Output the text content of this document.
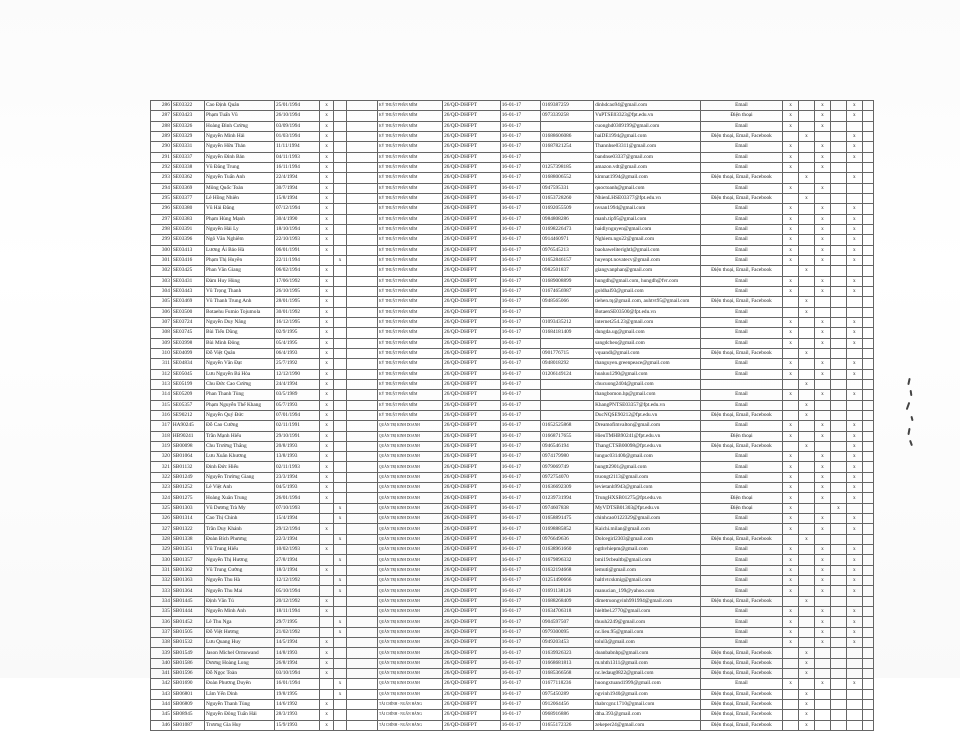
286	SE03322	Cao Định Quân	25/01/1994	x			KỸ THUẬT PHẦN MỀM	26/QD-DHFPT	16-01-17	0169387259	dinhdcao94@gmail.com	Email	x		x		x	
287	SE03423	Phạm Tuấn Vũ	26/10/1994	x			KỸ THUẬT PHẦN MỀM	26/QD-DHFPT	16-01-17	0973339258	VuPTSE03323@fpt.edu.vn	Điện thoại	x		x		x	
288	SE03326	Hoàng Đình Cường	03/09/1994	x			KỸ THUẬT PHẦN MỀM	26/QD-DHFPT	16-01-17		cuonghd0309199@gmail.com	Email	x		x			
289	SE03329	Nguyễn Minh Hải	01/03/1994	x			KỸ THUẬT PHẦN MỀM	26/QD-DHFPT	16-01-17	01688606086	haiDE1994@gmail.com	Điện thoại, Email, Facebook		x			x	
290	SE03331	Nguyễn Hữu Thản	11/11/1994	x			KỸ THUẬT PHẦN MỀM	26/QD-DHFPT	16-01-17	01687821254	Thannhse03311@gmail.com	Email	x		x		x	
291	SE03337	Nguyễn Đình Bản	04/11/1993	x			KỸ THUẬT PHẦN MỀM	26/QD-DHFPT	16-01-17		bandnse03337@gmail.com	Email	x		x		x	
292	SE03338	Vũ Đăng Trung	16/11/1994	x			KỸ THUẬT PHẦN MỀM	26/QD-DHFPT	16-01-17	01257398185	amazon.vdt@gmail.com	Email	x		x			
293	SE03362	Nguyễn Tuấn Anh	22/4/1994	x			KỸ THUẬT PHẦN MỀM	26/QD-DHFPT	16-01-17	01688006552	kimnat1994@gmail.com	Điện thoại, Email, Facebook		x			x	
294	SE03369	Mông Quốc Toàn	30/7/1994	x			KỸ THUẬT PHẦN MỀM	26/QD-DHFPT	16-01-17	0947595331	quoctoanh@gmail.com	Email	x		x			
295	SE03377	Lê Hồng Nhiên	15/8/1994	x			KỸ THUẬT PHẦN MỀM	26/QD-DHFPT	16-01-17	01653728260	NhienLHSE03377@fpt.edu.vn	Điện thoại, Email, Facebook		x				
296	SE03380	Vũ Hải Đăng	07/12/1994	x			KỸ THUẬT PHẦN MỀM	26/QD-DHFPT	16-01-17	01692055509	nvsan1994@gmail.com	Email	x		x		x	
297	SE03383	Phạm Hùng Mạnh	30/4/1990	x			KỸ THUẬT PHẦN MỀM	26/QD-DHFPT	16-01-17	0984808286	manh.tip95@gmail.com	Email	x		x		x	
298	SE03391	Nguyễn Hải Ly	18/10/1994	x			KỸ THUẬT PHẦN MỀM	26/QD-DHFPT	16-01-17	01698226473	haidlynguyen@gmail.com	Email	x		x		x	
299	SE03396	Ngô Văn Nghiêm	22/10/1993	x			KỸ THUẬT PHẦN MỀM	26/QD-DHFPT	16-01-17	0914460971	Nghiem.ngo22@gmail.com	Email	x		x		x	
300	SE03413	Lương Ái Bảo Hà	06/01/1991	x			KỸ THUẬT PHẦN MỀM	26/QD-DHFPT	16-01-17	0976545213	baohaweliterightl@gmail.com	Email	x		x		x	
301	SE03416	Phạm Thị Huyền	22/11/1994		x		KỸ THUẬT PHẦN MỀM	26/QD-DHFPT	16-01-17	01652846157	huyenpt.novatecv@gmail.com	Email	x		x		x	
302	SE03425	Phan Văn Giang	06/02/1994	x			KỸ THUẬT PHẦN MỀM	26/QD-DHFPT	16-01-17	0982501837	giangvanphan@gmail.com	Điện thoại, Email, Facebook		x				
303	SE03431	Đàm Huy Hùng	17/06/1992	x			KỸ THUẬT PHẦN MỀM	26/QD-DHFPT	16-01-17	01689008899	hungdh@gmail.com, hungdh@fvr.com	Email	x		x		x	
304	SE03443	Vũ Trọng Thanh	26/10/1995	x			KỸ THUẬT PHẦN MỀM	26/QD-DHFPT	16-01-17	01674656987	goldhal93@gmail.com	Email	x		x		x	
305	SE03469	Vũ Thanh Trung Anh	28/01/1995	x			KỸ THUẬT PHẦN MỀM	26/QD-DHFPT	16-01-17	0948565066	tiehen.tq@gmail.com, auhtvt95@gmail.com	Điện thoại, Email, Facebook		x				
306	SE03500	Botaehu Fumio Tojumola	30/01/1992	x			KỸ THUẬT PHẦN MỀM	26/QD-DHFPT	16-01-17		BotaenSE03500@fpt.edu.vn	Email		x				
307	SE03724	Nguyễn Duy Nâng	16/12/1995	x			KỸ THUẬT PHẦN MỀM	26/QD-DHFPT	16-01-17	01093435212	internet254.23@gmail.com	Email	x		x		x	
308	SE03745	Bùi Tiến Dũng	02/9/1995	x			KỸ THUẬT PHẦN MỀM	26/QD-DHFPT	16-01-17	01684181409	dungda.ug@gmail.com	Email	x		x		x	
309	SE03998	Bùi Minh Đông	05/4/1995	x			KỸ THUẬT PHẦN MỀM	26/QD-DHFPT	16-01-17		sangdcheo@gmail.com	Email	x		x		x	
310	SE04099	Đỗ Việt Quân	06/4/1993	x			KỸ THUẬT PHẦN MỀM	26/QD-DHFPT	16-01-17	0901776715	vquandl@gmail.com	Điện thoại, Email, Facebook		x				
311	SE04834	Nguyễn Văn Đạt	25/7/1992	x			KỸ THUẬT PHẦN MỀM	26/QD-DHFPT	16-01-17	0948018292	thanguyen.greenpeace@gmail.com	Email	x		x		x	
312	SE05045	Lưu Nguyễn Bá Hòa	12/12/1990	x			KỸ THUẬT PHẦN MỀM	26/QD-DHFPT	16-01-17	01206149124	hoaluu1290@gmail.com	Email	x		x		x	
313	SE05199	Chu Đức Cao Cường	24/4/1994	x			KỸ THUẬT PHẦN MỀM	26/QD-DHFPT	16-01-17		chucuong2404@gmail.com			x				
314	SE05209	Phan Thanh Tùng	03/5/1989	x			KỸ THUẬT PHẦN MỀM	26/QD-DHFPT	16-01-17		thangbomon.hp@gmail.com	Email	x		x		x	
315	SE05357	Phạm Nguyễn Thế Khang	05/7/1993	x			KỸ THUẬT PHẦN MỀM	26/QD-DHFPT	16-01-17		KhangPNTSE03357@fpt.edu.vn	Email		x				
316	SE90212	Nguyễn Quý Đức	07/01/1994	x			KỸ THUẬT PHẦN MỀM	26/QD-DHFPT	16-01-17		DucNQSE90212@fpt.edu.vn	Điện thoại, Email, Facebook		x				
317	HA90245	Đỗ Cao Cường	02/11/1991	x			QUẢN TRỊ KINH DOANH	26/QD-DHFPT	16-01-17	01652525868	Dreamofimvalton@gmail.com	Email	x		x		x	
318	HB90241	Trần Mạnh Hiếu	29/10/1991	x			QUẢN TRỊ KINH DOANH	26/QD-DHFPT	16-01-17	01668717655	HieuTMHB90241@fpt.edu.vn	Điện thoại	x		x		x	
319	SB00098	Chu Trường Thắng	20/8/1993	x			QUẢN TRỊ KINH DOANH	26/QD-DHFPT	16-01-17	0946546194	ThangCTSB00098@fpt.edu.vn	Điện thoại, Email, Facebook		x			x	
320	SB01064	Lưu Xuân Khương	13/8/1993	x			QUẢN TRỊ KINH DOANH	26/QD-DHFPT	16-01-17	0974179980	lunguc031400@gmail.com	Email	x		x		x	
321	SB01132	Đinh Đức Hiếu	02/11/1993	x			QUẢN TRỊ KINH DOANH	26/QD-DHFPT	16-01-17	0979069749	hungtt2901@gmail.com	Email	x		x		x	
322	SB01249	Nguyễn Trường Giang	23/3/1994	x			QUẢN TRỊ KINH DOANH	26/QD-DHFPT	16-01-17	0972754070	truongt2113@gmail.com	Email	x		x		x	
323	SB01252	Lê Việt Anh	04/5/1993	x			QUẢN TRỊ KINH DOANH	26/QD-DHFPT	16-01-17	01636692309	levietanh9943@gmail.com	Email	x		x		x	
324	SB01275	Hoàng Xuân Trung	26/01/1994	x			QUẢN TRỊ KINH DOANH	26/QD-DHFPT	16-01-17	01239731994	TrungHXSB01275@fpt.edu.vn	Điện thoại	x		x		x	
325	SB01303	Vũ Dương Trà My	07/10/1993		x		QUẢN TRỊ KINH DOANH	26/QD-DHFPT	16-01-17	0974607838	MyVDTSB01303@fpt.edu.vn	Điện thoại	x			x		
326	SB01314	Cao Thị Chinh	15/4/1994		x		QUẢN TRỊ KINH DOANH	26/QD-DHFPT	16-01-17	01658891475	chinhcao0122329@gmail.com	Email	x		x		x	
327	SB01322	Trần Duy Khánh	29/12/1994	x			QUẢN TRỊ KINH DOANH	26/QD-DHFPT	16-01-17	01698885852	Kaichi.milan@gmail.com	Email	x		x		x	
328	SB01338	Đoàn Bích Phương	22/3/1994		x		QUẢN TRỊ KINH DOANH	26/QD-DHFPT	16-01-17	0976649636	Dolcegirl2303@gmail.com	Điện thoại, Email, Facebook		x				
329	SB01351	Vũ Trung Hiếu	10/02/1993	x			QUẢN TRỊ KINH DOANH	26/QD-DHFPT	16-01-17	01638961660	ngthvhiepm@gmail.com	Email	x		x		x	
330	SB01357	Nguyễn Thị Hương	27/8/1994		x		QUẢN TRỊ KINH DOANH	26/QD-DHFPT	16-01-17	01679896332	bmi19cbealtb@gmail.com	Email	x		x		x	
331	SB01362	Vũ Trung Cường	18/3/1994	x			QUẢN TRỊ KINH DOANH	26/QD-DHFPT	16-01-17	01632194668	lemuti@gmail.com	Email	x		x		x	
332	SB01363	Nguyễn Thu Hà	12/12/1992		x		QUẢN TRỊ KINH DOANH	26/QD-DHFPT	16-01-17	01251490666	haltlvtcskmig@gmail.com	Email	x		x		x	
333	SB01364	Nguyễn Thu Mai	05/10/1994		x		QUẢN TRỊ KINH DOANH	26/QD-DHFPT	16-01-17	01691138126	manucian_199@yahoo.com	Email	x		x		x	
334	SB01445	Định Văn Tú	20/12/1992	x			QUẢN TRỊ KINH DOANH	26/QD-DHFPT	16-01-17	01688268409	dimetruongvinh991994@gmail.com	Điện thoại, Email, Facebook		x				
335	SB01444	Nguyễn Minh Anh	18/11/1994	x			QUẢN TRỊ KINH DOANH	26/QD-DHFPT	16-01-17	01634706318	hieltbel.2770@gmail.com	Email	x		x		x	
336	SB01452	Lê Thu Nga	29/7/1995		x		QUẢN TRỊ KINH DOANH	26/QD-DHFPT	16-01-17	0904597507	thuuh2249@gmail.com	Email	x		x		x	
337	SB01505	Đỗ Việt Hương	21/02/1992		x		QUẢN TRỊ KINH DOANH	26/QD-DHFPT	16-01-17	0979300095	nc.lieu.95@gmail.com	Email	x		x		x	
338	SB01532	Lưu Quang Huy	14/5/1994	x			QUẢN TRỊ KINH DOANH	26/QD-DHFPT	16-01-17	0949203453	tolul3@gmail.com	Email	x		x		x	
339	SB01549	Jason Michel Ormswand	14/8/1993	x			QUẢN TRỊ KINH DOANH	26/QD-DHFPT	16-01-17	01639926323	doanbabnhp@gmail.com	Điện thoại, Email, Facebook		x				
340	SB01586	Dương Hoàng Long	26/8/1994	x			QUẢN TRỊ KINH DOANH	26/QD-DHFPT	16-01-17	01668681813	m.nhth1311@gmail.com	Điện thoại, Email, Facebook		x				
341	SB01596	Đỗ Ngọc Toàn	03/10/1994	x			QUẢN TRỊ KINH DOANH	26/QD-DHFPT	16-01-17	01685366568	nc.ledaug0822@gmail.com	Điện thoại, Email, Facebook		x				
342	SB01690	Đoàn Phương Duyên	16/01/1994		x		QUẢN TRỊ KINH DOANH	26/QD-DHFPT	16-01-17	01677118236	huongxtuand1999@gmail.com	Email	x		x		x	
343	SB06801	Lâm Yến Dinh	19/8/1995		x		QUẢN TRỊ KINH DOANH	26/QD-DHFPT	16-01-17	0975450289	ngvinh1940@gmail.com	Điện thoại, Email, Facebook		x				
344	SB06809	Nguyễn Thanh Tùng	14/6/1992	x			TÀI CHÍNH - NGÂN HÀNG	26/QD-DHFPT	16-01-17	0912064456	thabrcgnr.1710@gmail.com	Điện thoại, Email, Facebook		x				
345	SB08945	Nguyễn Đông Tuấn Hải	28/3/1993	x			TÀI CHÍNH - NGÂN HÀNG	26/QD-DHFPT	16-01-17	0968916886	dtha.393@gmail.com	Điện thoại, Email, Facebook		x				
346	SB01087	Trương Gia Huy	15/9/1993	x			TÀI CHÍNH - NGÂN HÀNG	26/QD-DHFPT	16-01-17	01655172326	zekeper24@gmail.com	Điện thoại, Email, Facebook		x				
